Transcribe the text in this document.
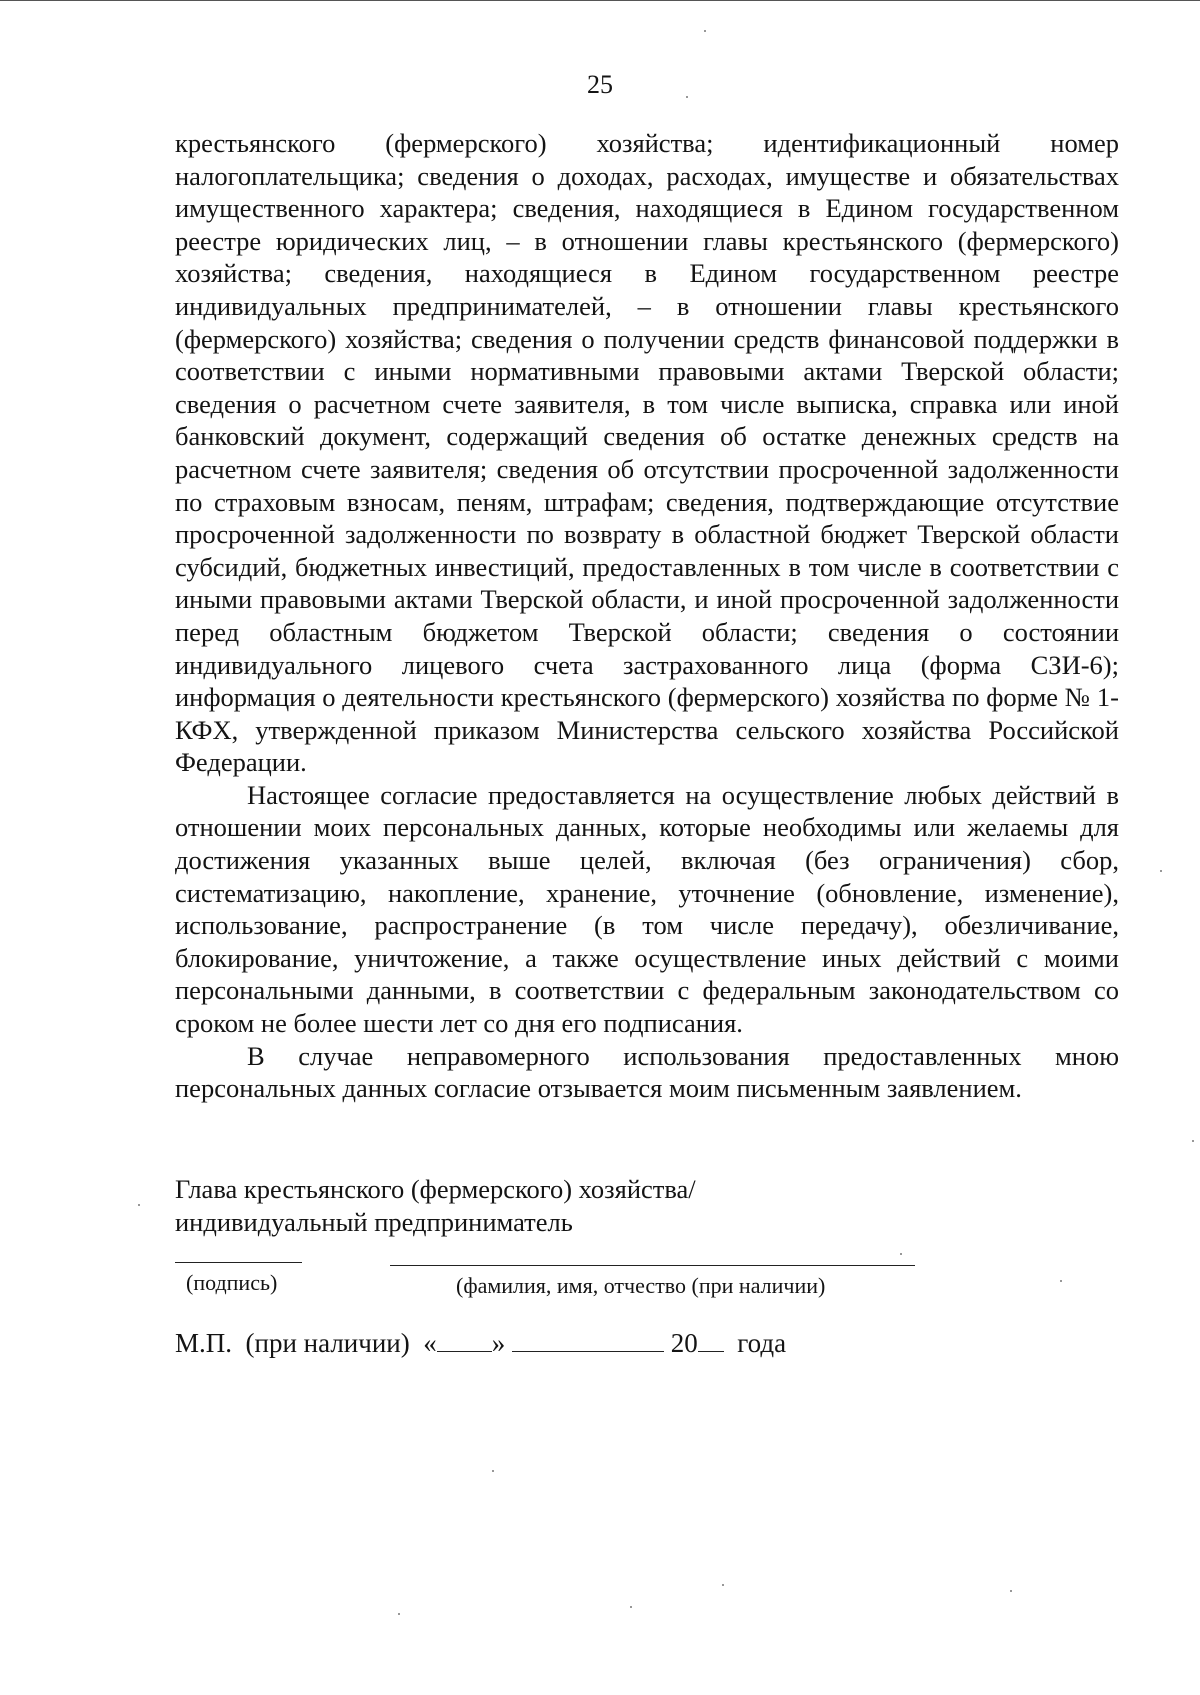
25

крестьянского (фермерского) хозяйства; идентификационный номер налогоплательщика; сведения о доходах, расходах, имуществе и обязательствах имущественного характера; сведения, находящиеся в Едином государственном реестре юридических лиц, – в отношении главы крестьянского (фермерского) хозяйства; сведения, находящиеся в Едином государственном реестре индивидуальных предпринимателей, – в отношении главы крестьянского (фермерского) хозяйства; сведения о получении средств финансовой поддержки в соответствии с иными нормативными правовыми актами Тверской области; сведения о расчетном счете заявителя, в том числе выписка, справка или иной банковский документ, содержащий сведения об остатке денежных средств на расчетном счете заявителя; сведения об отсутствии просроченной задолженности по страховым взносам, пеням, штрафам; сведения, подтверждающие отсутствие просроченной задолженности по возврату в областной бюджет Тверской области субсидий, бюджетных инвестиций, предоставленных в том числе в соответствии с иными правовыми актами Тверской области, и иной просроченной задолженности перед областным бюджетом Тверской области; сведения о состоянии индивидуального лицевого счета застрахованного лица (форма СЗИ-6); информация о деятельности крестьянского (фермерского) хозяйства по форме № 1-КФХ, утвержденной приказом Министерства сельского хозяйства Российской Федерации.

Настоящее согласие предоставляется на осуществление любых действий в отношении моих персональных данных, которые необходимы или желаемы для достижения указанных выше целей, включая (без ограничения) сбор, систематизацию, накопление, хранение, уточнение (обновление, изменение), использование, распространение (в том числе передачу), обезличивание, блокирование, уничтожение, а также осуществление иных действий с моими персональными данными, в соответствии с федеральным законодательством со сроком не более шести лет со дня его подписания.

В случае неправомерного использования предоставленных мною персональных данных согласие отзывается моим письменным заявлением.

Глава крестьянского (фермерского) хозяйства/
индивидуальный предприниматель
(подпись)	(фамилия, имя, отчество (при наличии)
М.П. (при наличии) « »	20 года
